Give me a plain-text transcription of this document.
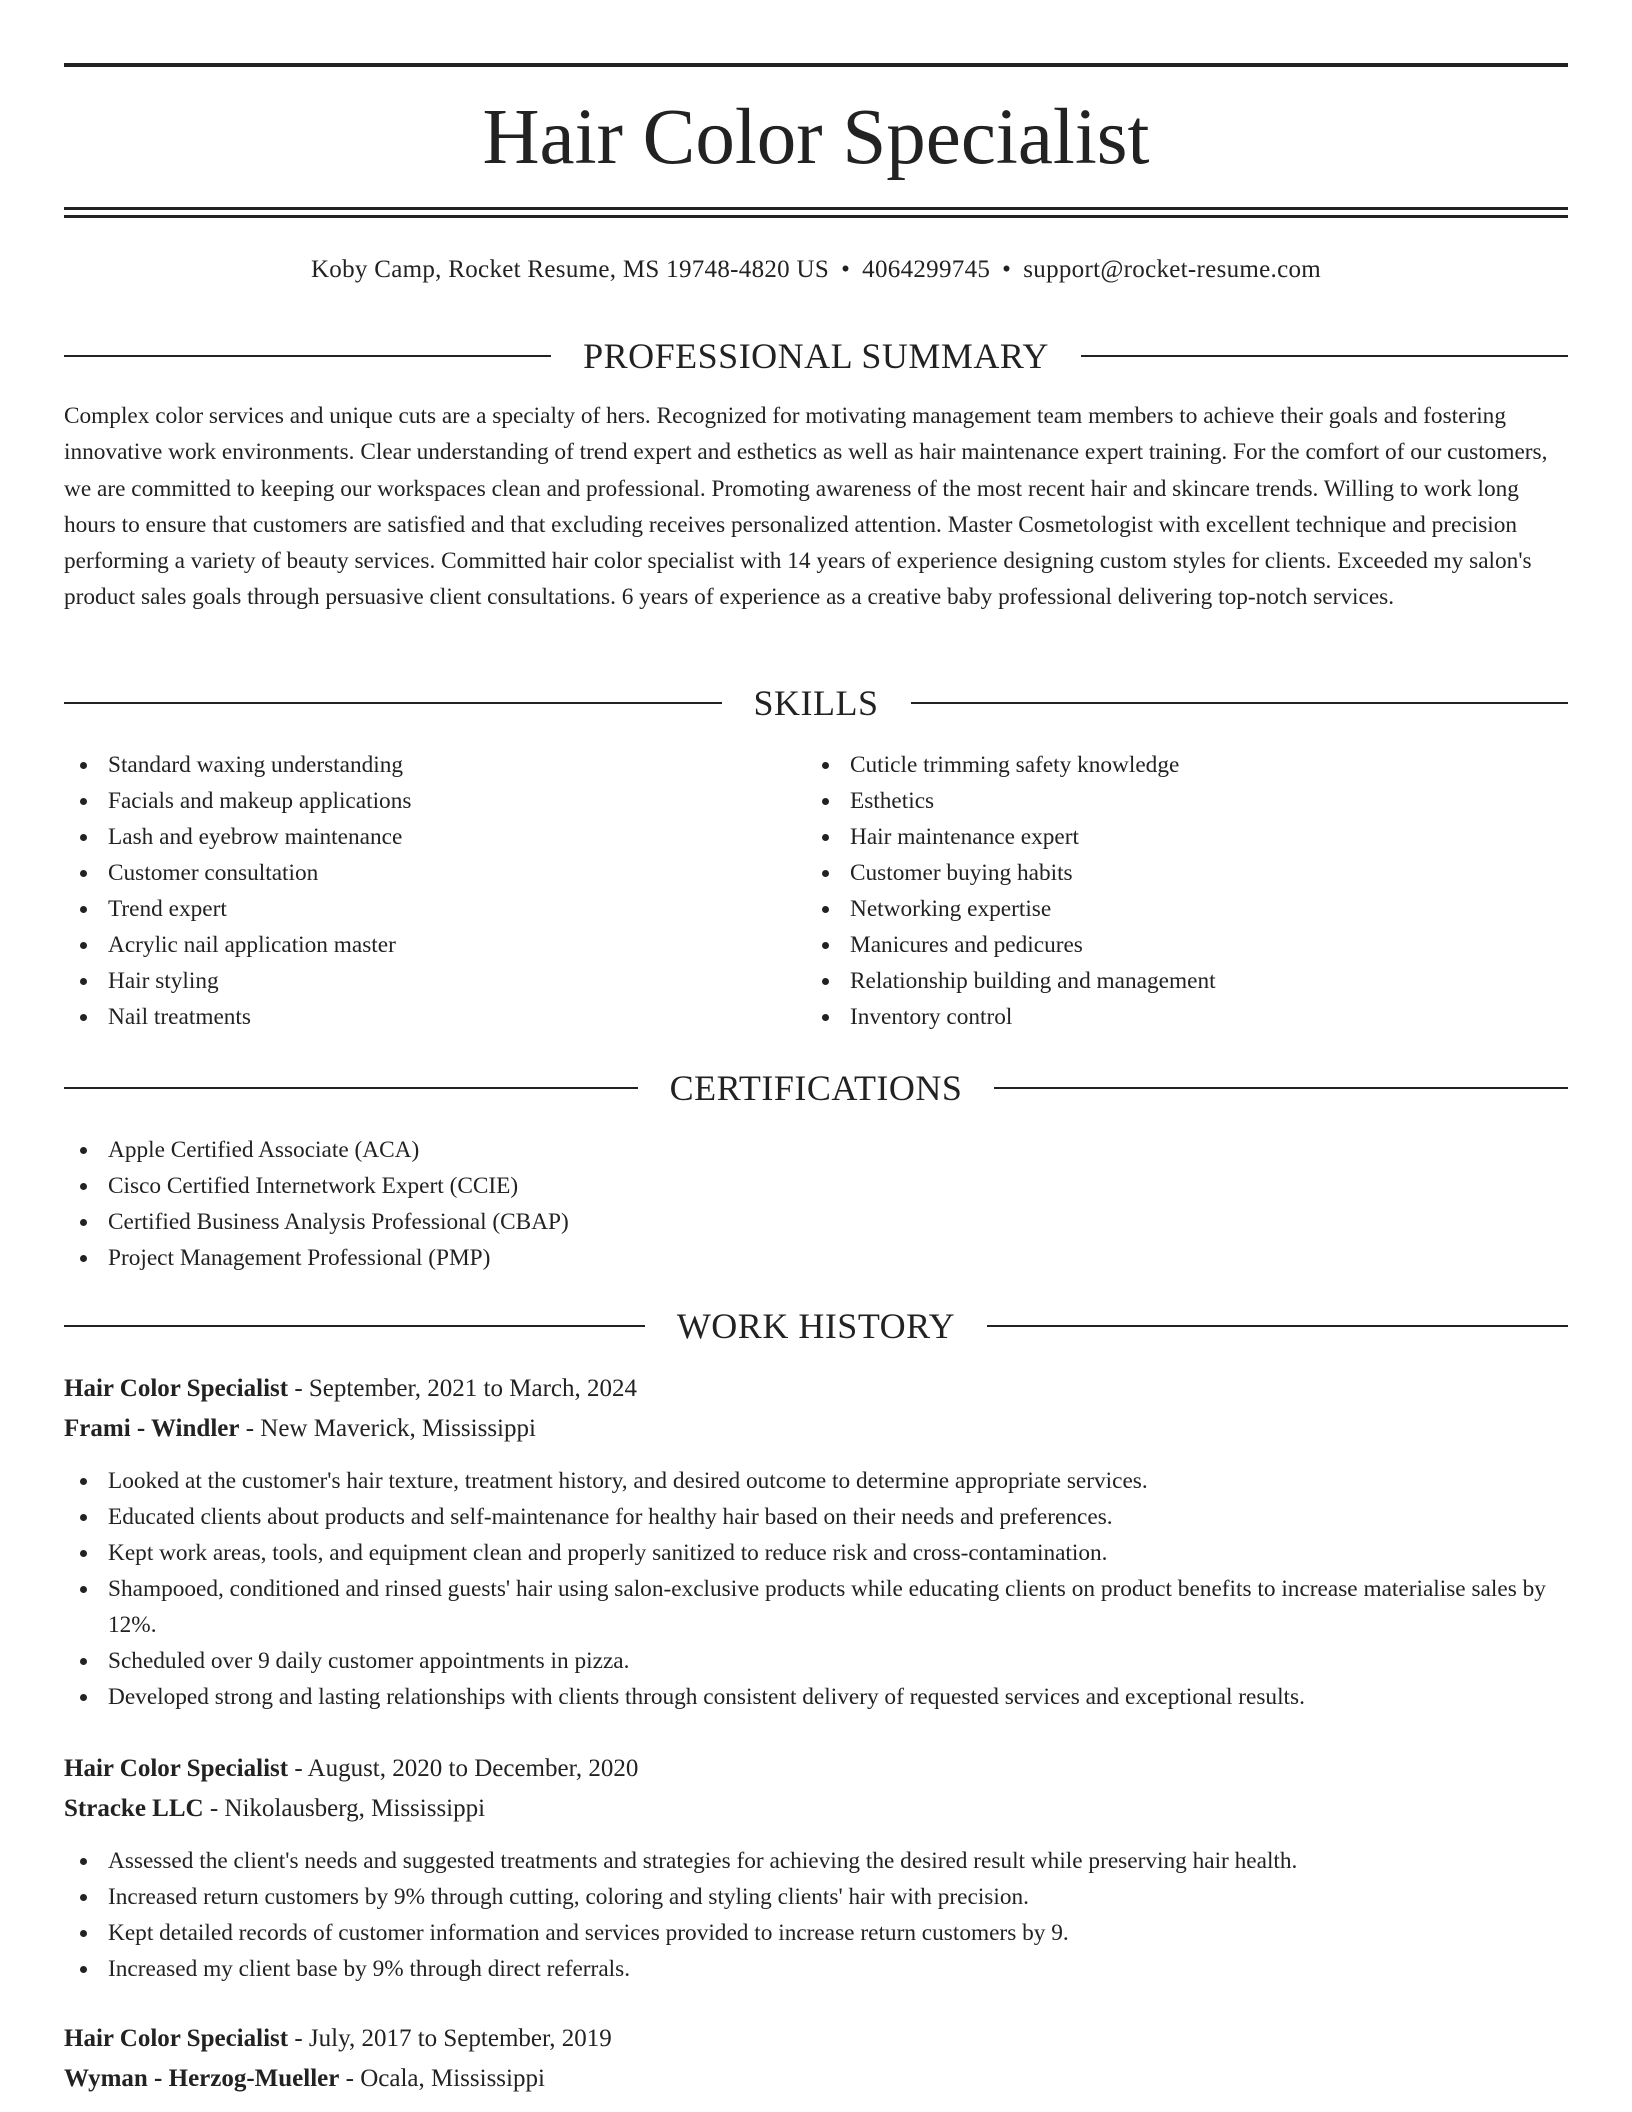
Hair Color Specialist
Koby Camp, Rocket Resume, MS 19748-4820 US • 4064299745 • support@rocket-resume.com
PROFESSIONAL SUMMARY

Complex color services and unique cuts are a specialty of hers. Recognized for motivating management team members to achieve their goals and fostering innovative work environments. Clear understanding of trend expert and esthetics as well as hair maintenance expert training. For the comfort of our customers, we are committed to keeping our workspaces clean and professional. Promoting awareness of the most recent hair and skincare trends. Willing to work long hours to ensure that customers are satisfied and that excluding receives personalized attention. Master Cosmetologist with excellent technique and precision performing a variety of beauty services. Committed hair color specialist with 14 years of experience designing custom styles for clients. Exceeded my salon's product sales goals through persuasive client consultations. 6 years of experience as a creative baby professional delivering top-notch services.

SKILLS
Standard waxing understanding
Facials and makeup applications
Lash and eyebrow maintenance
Customer consultation
Trend expert
Acrylic nail application master
Hair styling
Nail treatments
Cuticle trimming safety knowledge
Esthetics
Hair maintenance expert
Customer buying habits
Networking expertise
Manicures and pedicures
Relationship building and management
Inventory control
CERTIFICATIONS
Apple Certified Associate (ACA)
Cisco Certified Internetwork Expert (CCIE)
Certified Business Analysis Professional (CBAP)
Project Management Professional (PMP)
WORK HISTORY
Hair Color Specialist - September, 2021 to March, 2024
Frami - Windler - New Maverick, Mississippi
Looked at the customer's hair texture, treatment history, and desired outcome to determine appropriate services.
Educated clients about products and self-maintenance for healthy hair based on their needs and preferences.
Kept work areas, tools, and equipment clean and properly sanitized to reduce risk and cross-contamination.
Shampooed, conditioned and rinsed guests' hair using salon-exclusive products while educating clients on product benefits to increase materialise sales by 12%.
Scheduled over 9 daily customer appointments in pizza.
Developed strong and lasting relationships with clients through consistent delivery of requested services and exceptional results.
Hair Color Specialist - August, 2020 to December, 2020
Stracke LLC - Nikolausberg, Mississippi
Assessed the client's needs and suggested treatments and strategies for achieving the desired result while preserving hair health.
Increased return customers by 9% through cutting, coloring and styling clients' hair with precision.
Kept detailed records of customer information and services provided to increase return customers by 9.
Increased my client base by 9% through direct referrals.
Hair Color Specialist - July, 2017 to September, 2019
Wyman - Herzog-Mueller - Ocala, Mississippi
